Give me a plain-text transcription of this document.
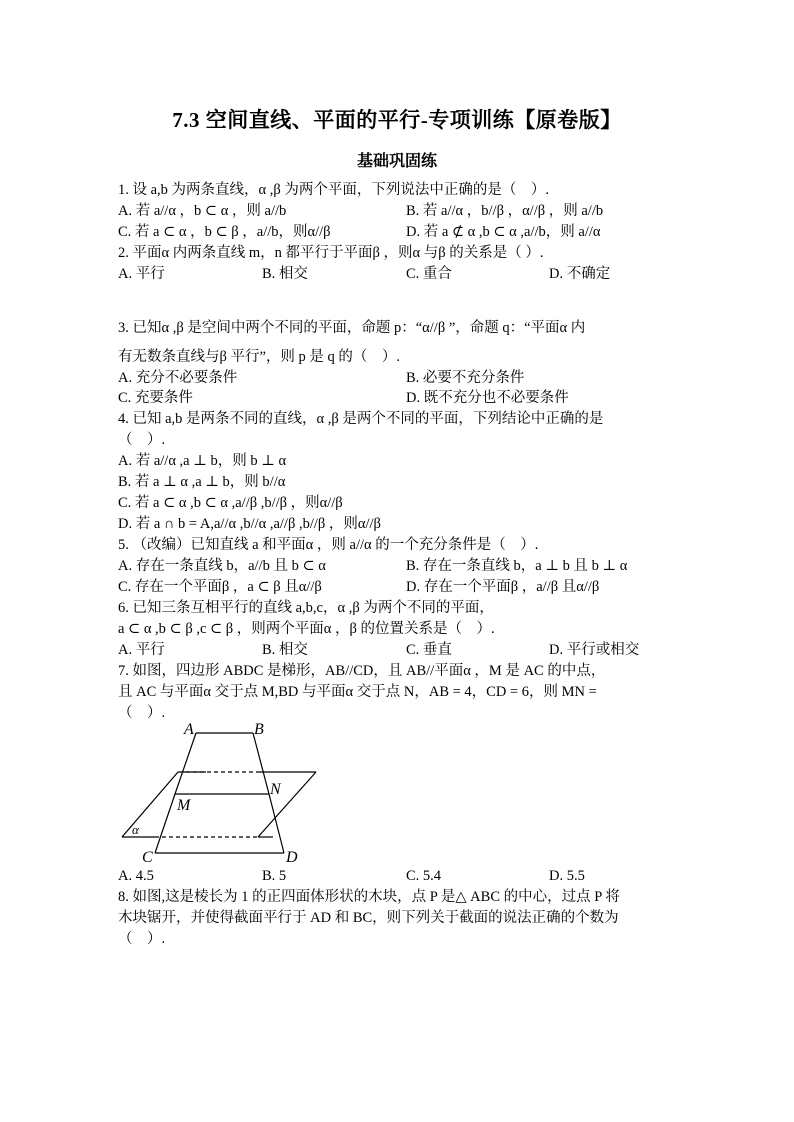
7.3 空间直线、平面的平行-专项训练【原卷版】
基础巩固练
1. 设 a,b 为两条直线，α ,β 为两个平面，下列说法中正确的是（　）.
A. 若 a//α ，b ⊂ α ，则 a//b	B. 若 a//α ，b//β ，α//β ，则 a//b
C. 若 a ⊂ α ，b ⊂ β ，a//b，则α//β	D. 若 a ⊄ α ,b ⊂ α ,a//b，则 a//α
2. 平面α 内两条直线 m，n 都平行于平面β ，则α 与β 的关系是（ ）.
A. 平行	B. 相交	C. 重合	D. 不确定
3. 已知α ,β 是空间中两个不同的平面，命题 p：“α//β ”，命题 q：“平面α 内
有无数条直线与β 平行”，则 p 是 q 的（　）.
A. 充分不必要条件	B. 必要不充分条件
C. 充要条件	D. 既不充分也不必要条件
4. 已知 a,b 是两条不同的直线，α ,β 是两个不同的平面，下列结论中正确的是
（　）.
A. 若 a//α ,a ⊥ b，则 b ⊥ α
B. 若 a ⊥ α ,a ⊥ b，则 b//α
C. 若 a ⊂ α ,b ⊂ α ,a//β ,b//β ，则α//β
D. 若 a ∩ b = A,a//α ,b//α ,a//β ,b//β ，则α//β
5. （改编）已知直线 a 和平面α ，则 a//α 的一个充分条件是（　）.
A. 存在一条直线 b，a//b 且 b ⊂ α	B. 存在一条直线 b，a ⊥ b 且 b ⊥ α
C. 存在一个平面β ，a ⊂ β 且α//β	D. 存在一个平面β ，a//β 且α//β
6. 已知三条互相平行的直线 a,b,c，α ,β 为两个不同的平面，
a ⊂ α ,b ⊂ β ,c ⊂ β ，则两个平面α ，β 的位置关系是（　）.
A. 平行	B. 相交	C. 垂直	D. 平行或相交
7. 如图，四边形 ABDC 是梯形，AB//CD，且 AB//平面α ，M 是 AC 的中点，
且 AC 与平面α 交于点 M,BD 与平面α 交于点 N，AB = 4，CD = 6，则 MN =
（　）.
A	B
C	D
M
N
α
A. 4.5	B. 5	C. 5.4	D. 5.5
8. 如图,这是棱长为 1 的正四面体形状的木块，点 P 是△ ABC 的中心，过点 P 将
木块锯开，并使得截面平行于 AD 和 BC，则下列关于截面的说法正确的个数为
（　）.
